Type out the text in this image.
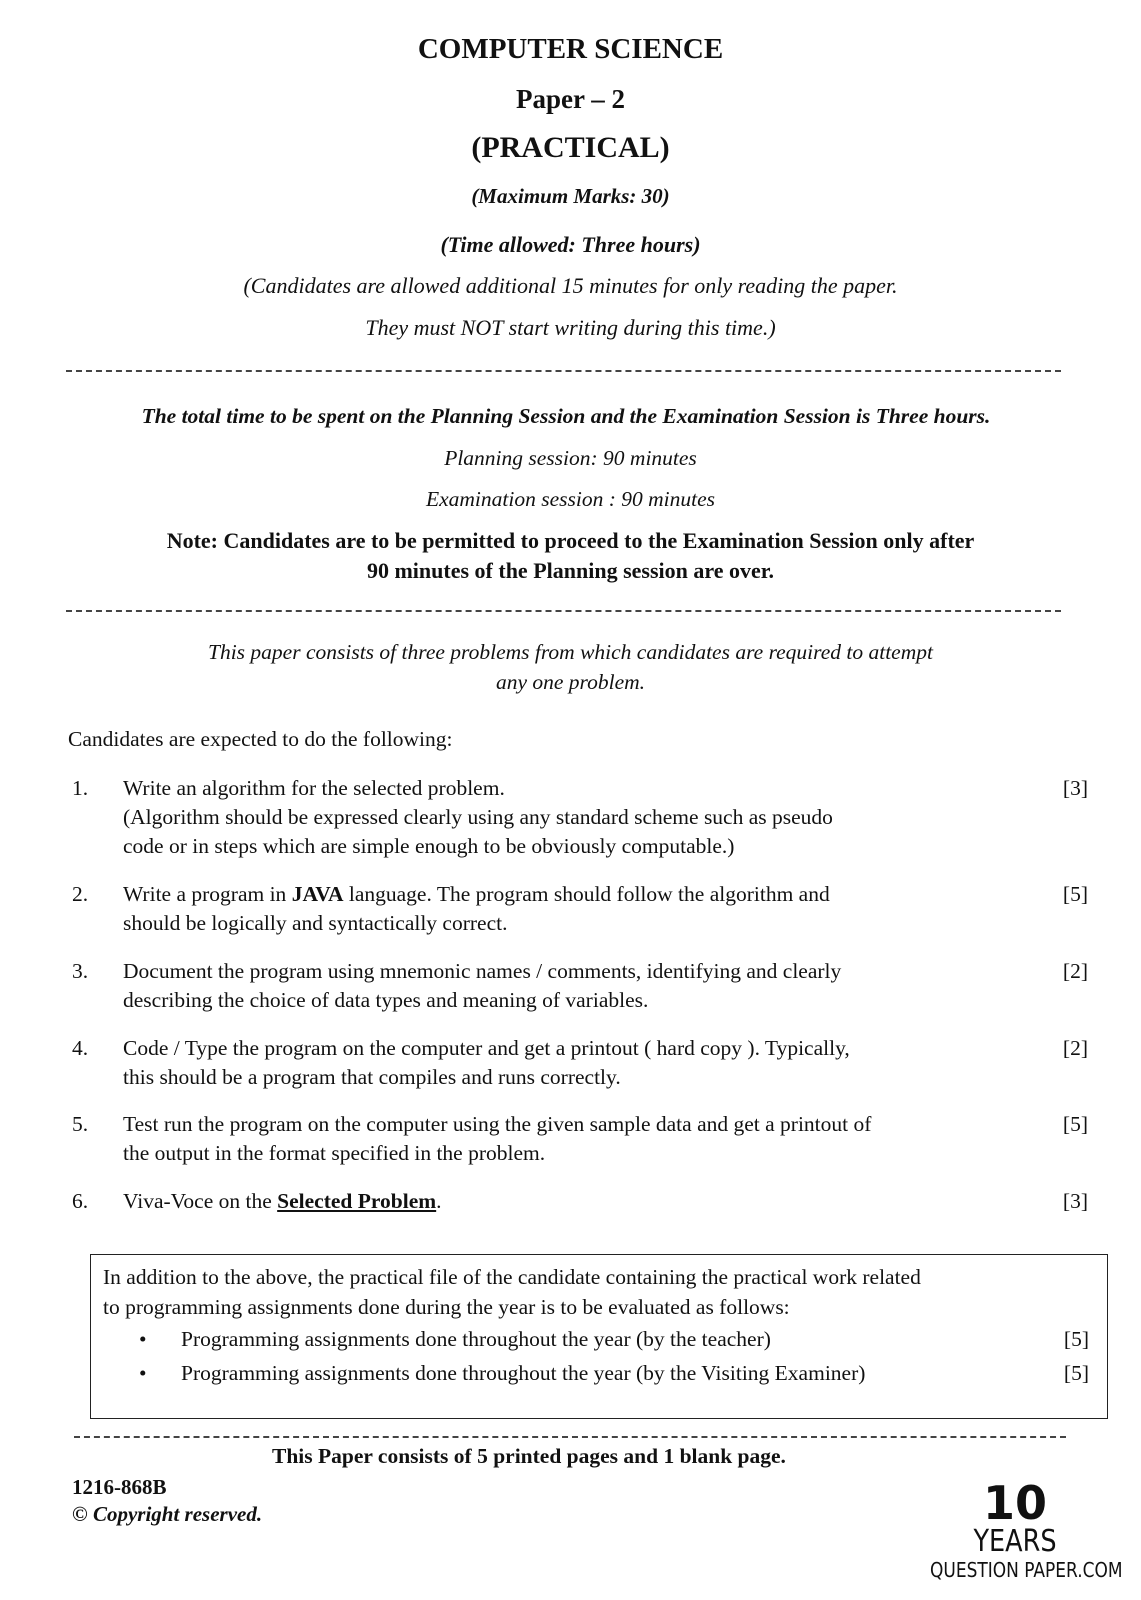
COMPUTER SCIENCE
Paper – 2
(PRACTICAL)
(Maximum Marks: 30)
(Time allowed: Three hours)
(Candidates are allowed additional 15 minutes for only reading the paper.
They must NOT start writing during this time.)
The total time to be spent on the Planning Session and the Examination Session is Three hours.
Planning session: 90 minutes
Examination session : 90 minutes
Note: Candidates are to be permitted to proceed to the Examination Session only after
90 minutes of the Planning session are over.
This paper consists of three problems from which candidates are required to attempt
any one problem.
Candidates are expected to do the following:
1. Write an algorithm for the selected problem.
(Algorithm should be expressed clearly using any standard scheme such as pseudo
code or in steps which are simple enough to be obviously computable.)
[3]
2. Write a program in JAVA language. The program should follow the algorithm and
should be logically and syntactically correct.
[5]
3. Document the program using mnemonic names / comments, identifying and clearly
describing the choice of data types and meaning of variables.
[2]
4. Code / Type the program on the computer and get a printout ( hard copy ). Typically,
this should be a program that compiles and runs correctly.
[2]
5. Test run the program on the computer using the given sample data and get a printout of
the output in the format specified in the problem.
[5]
6. Viva-Voce on the Selected Problem.	[3]
In addition to the above, the practical file of the candidate containing the practical work related
to programming assignments done during the year is to be evaluated as follows:
• Programming assignments done throughout the year (by the teacher)	[5]
• Programming assignments done throughout the year (by the Visiting Examiner)	[5]
This Paper consists of 5 printed pages and 1 blank page.
1216-868B
© Copyright reserved.	10
YEARS
QUESTION PAPER.COM
